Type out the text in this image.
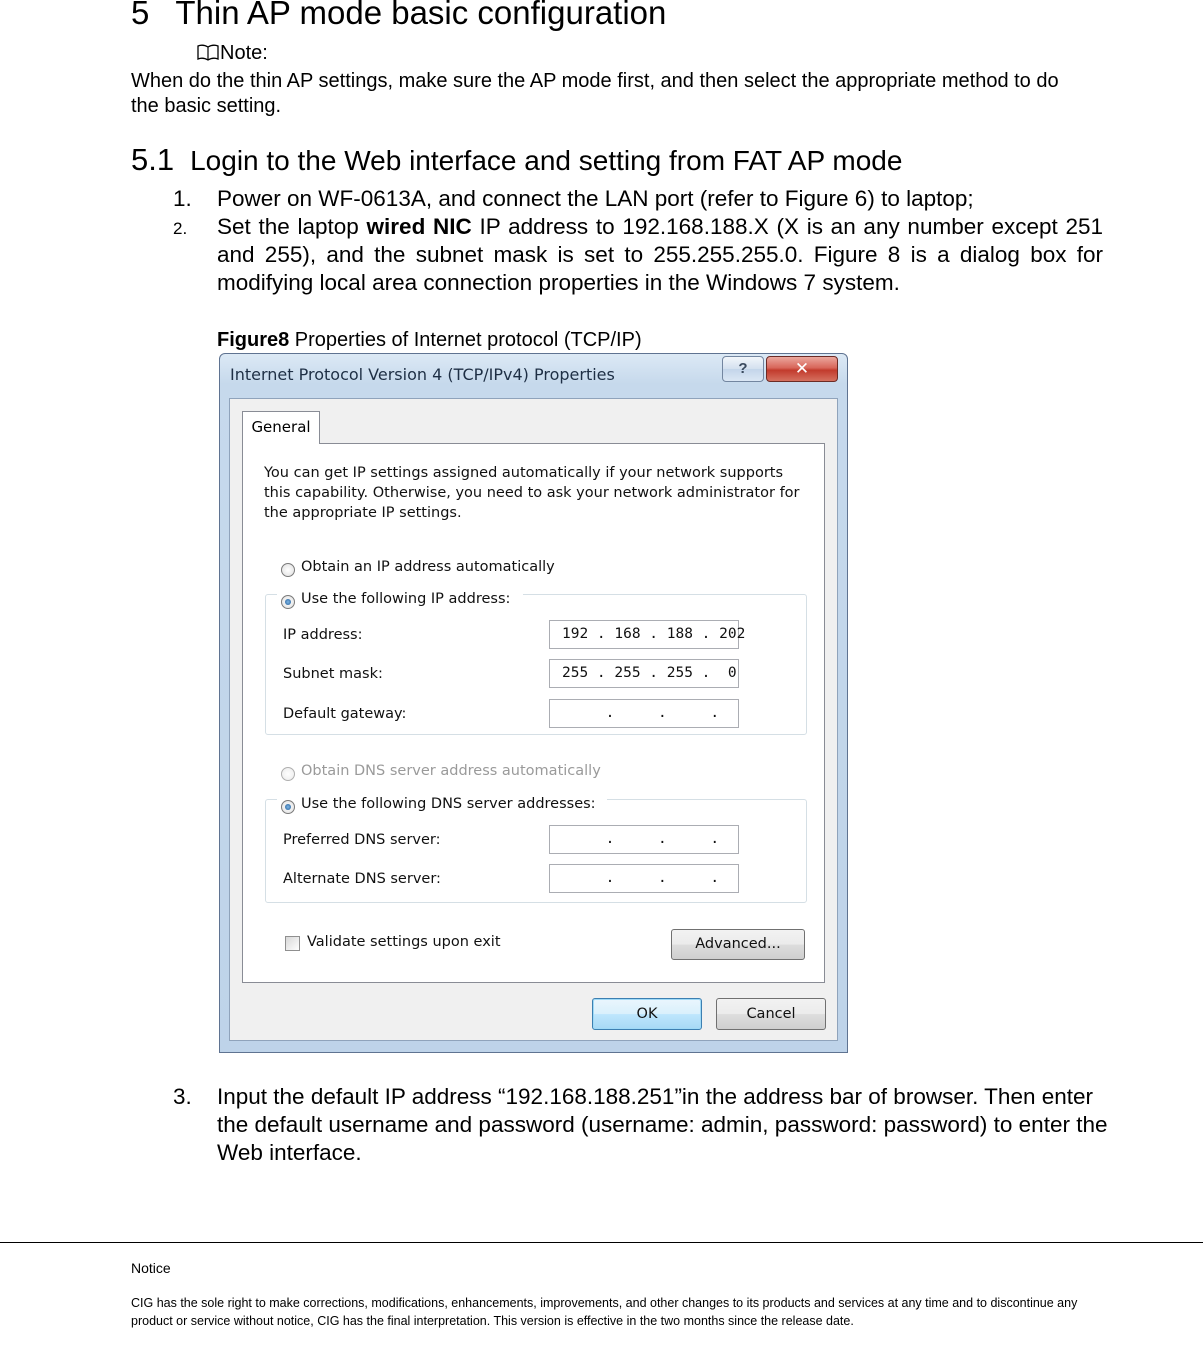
5 Thin AP mode basic configuration
Note:
When do the thin AP settings, make sure the AP mode first, and then select the appropriate method to do the basic setting.
5.1 Login to the Web interface and setting from FAT AP mode
1. Power on WF-0613A, and connect the LAN port (refer to Figure 6) to laptop;
2. Set the laptop wired NIC IP address to 192.168.188.X (X is an any number except 251 and 255), and the subnet mask is set to 255.255.255.0. Figure 8 is a dialog box for modifying local area connection properties in the Windows 7 system.
Figure8 Properties of Internet protocol (TCP/IP)
Internet Protocol Version 4 (TCP/IPv4) Properties	?	✕
General
You can get IP settings assigned automatically if your network supports this capability. Otherwise, you need to ask your network administrator for the appropriate IP settings.
Obtain an IP address automatically
Use the following IP address:
IP address:	192 . 168 . 188 . 202
Subnet mask:	255 . 255 . 255 .  0
Default gateway:	.     .     .
Obtain DNS server address automatically
Use the following DNS server addresses:
Preferred DNS server:	.     .     .
Alternate DNS server:	.     .     .
Validate settings upon exit	Advanced...
OK	Cancel
3. Input the default IP address “192.168.188.251”in the address bar of browser. Then enter the default username and password (username: admin, password: password) to enter the Web interface.
Notice
CIG has the sole right to make corrections, modifications, enhancements, improvements, and other changes to its products and services at any time and to discontinue any product or service without notice, CIG has the final interpretation. This version is effective in the two months since the release date.
